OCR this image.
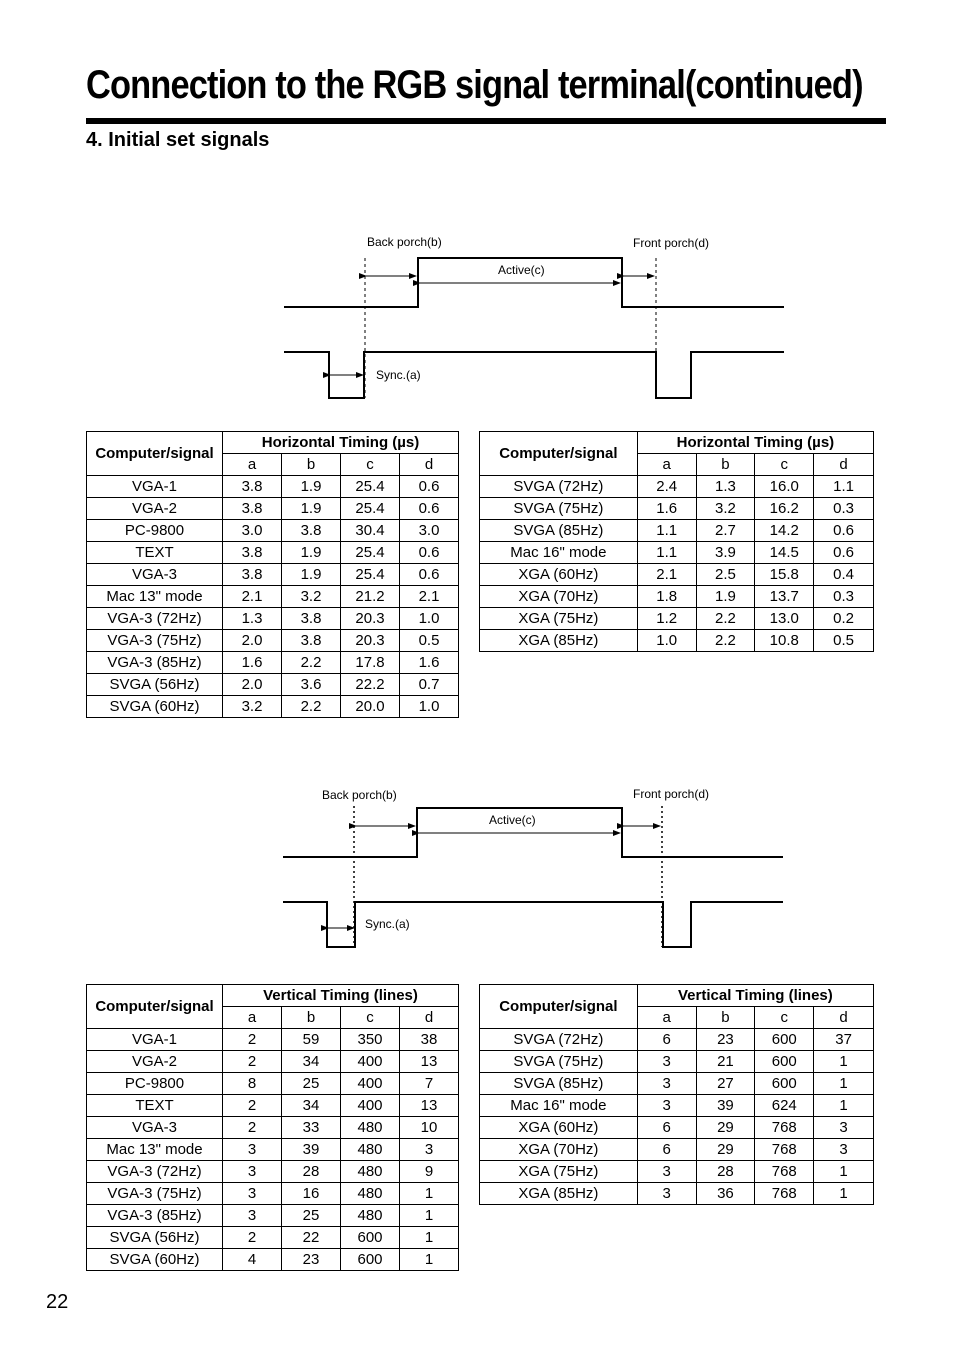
Connection to the RGB signal terminal(continued)
4. Initial set signals
Back porch(b)	Front porch(d)
Active(c)
Sync.(a)
Computer/signal	Horizontal Timing (µs)			
	a	b	c	d
VGA-1	3.8	1.9	25.4	0.6
VGA-2	3.8	1.9	25.4	0.6
PC-9800	3.0	3.8	30.4	3.0
TEXT	3.8	1.9	25.4	0.6
VGA-3	3.8	1.9	25.4	0.6
Mac 13" mode	2.1	3.2	21.2	2.1
VGA-3 (72Hz)	1.3	3.8	20.3	1.0
VGA-3 (75Hz)	2.0	3.8	20.3	0.5
VGA-3 (85Hz)	1.6	2.2	17.8	1.6
SVGA (56Hz)	2.0	3.6	22.2	0.7
SVGA (60Hz)	3.2	2.2	20.0	1.0
Computer/signal	Horizontal Timing (µs)			
	a	b	c	d
SVGA (72Hz)	2.4	1.3	16.0	1.1
SVGA (75Hz)	1.6	3.2	16.2	0.3
SVGA (85Hz)	1.1	2.7	14.2	0.6
Mac 16" mode	1.1	3.9	14.5	0.6
XGA (60Hz)	2.1	2.5	15.8	0.4
XGA (70Hz)	1.8	1.9	13.7	0.3
XGA (75Hz)	1.2	2.2	13.0	0.2
XGA (85Hz)	1.0	2.2	10.8	0.5
Back porch(b)	Front porch(d)
Active(c)
Sync.(a)
Computer/signal	Vertical Timing (lines)			
	a	b	c	d
VGA-1	2	59	350	38
VGA-2	2	34	400	13
PC-9800	8	25	400	7
TEXT	2	34	400	13
VGA-3	2	33	480	10
Mac 13" mode	3	39	480	3
VGA-3 (72Hz)	3	28	480	9
VGA-3 (75Hz)	3	16	480	1
VGA-3 (85Hz)	3	25	480	1
SVGA (56Hz)	2	22	600	1
SVGA (60Hz)	4	23	600	1
Computer/signal	Vertical Timing (lines)			
	a	b	c	d
SVGA (72Hz)	6	23	600	37
SVGA (75Hz)	3	21	600	1
SVGA (85Hz)	3	27	600	1
Mac 16" mode	3	39	624	1
XGA (60Hz)	6	29	768	3
XGA (70Hz)	6	29	768	3
XGA (75Hz)	3	28	768	1
XGA (85Hz)	3	36	768	1
22
